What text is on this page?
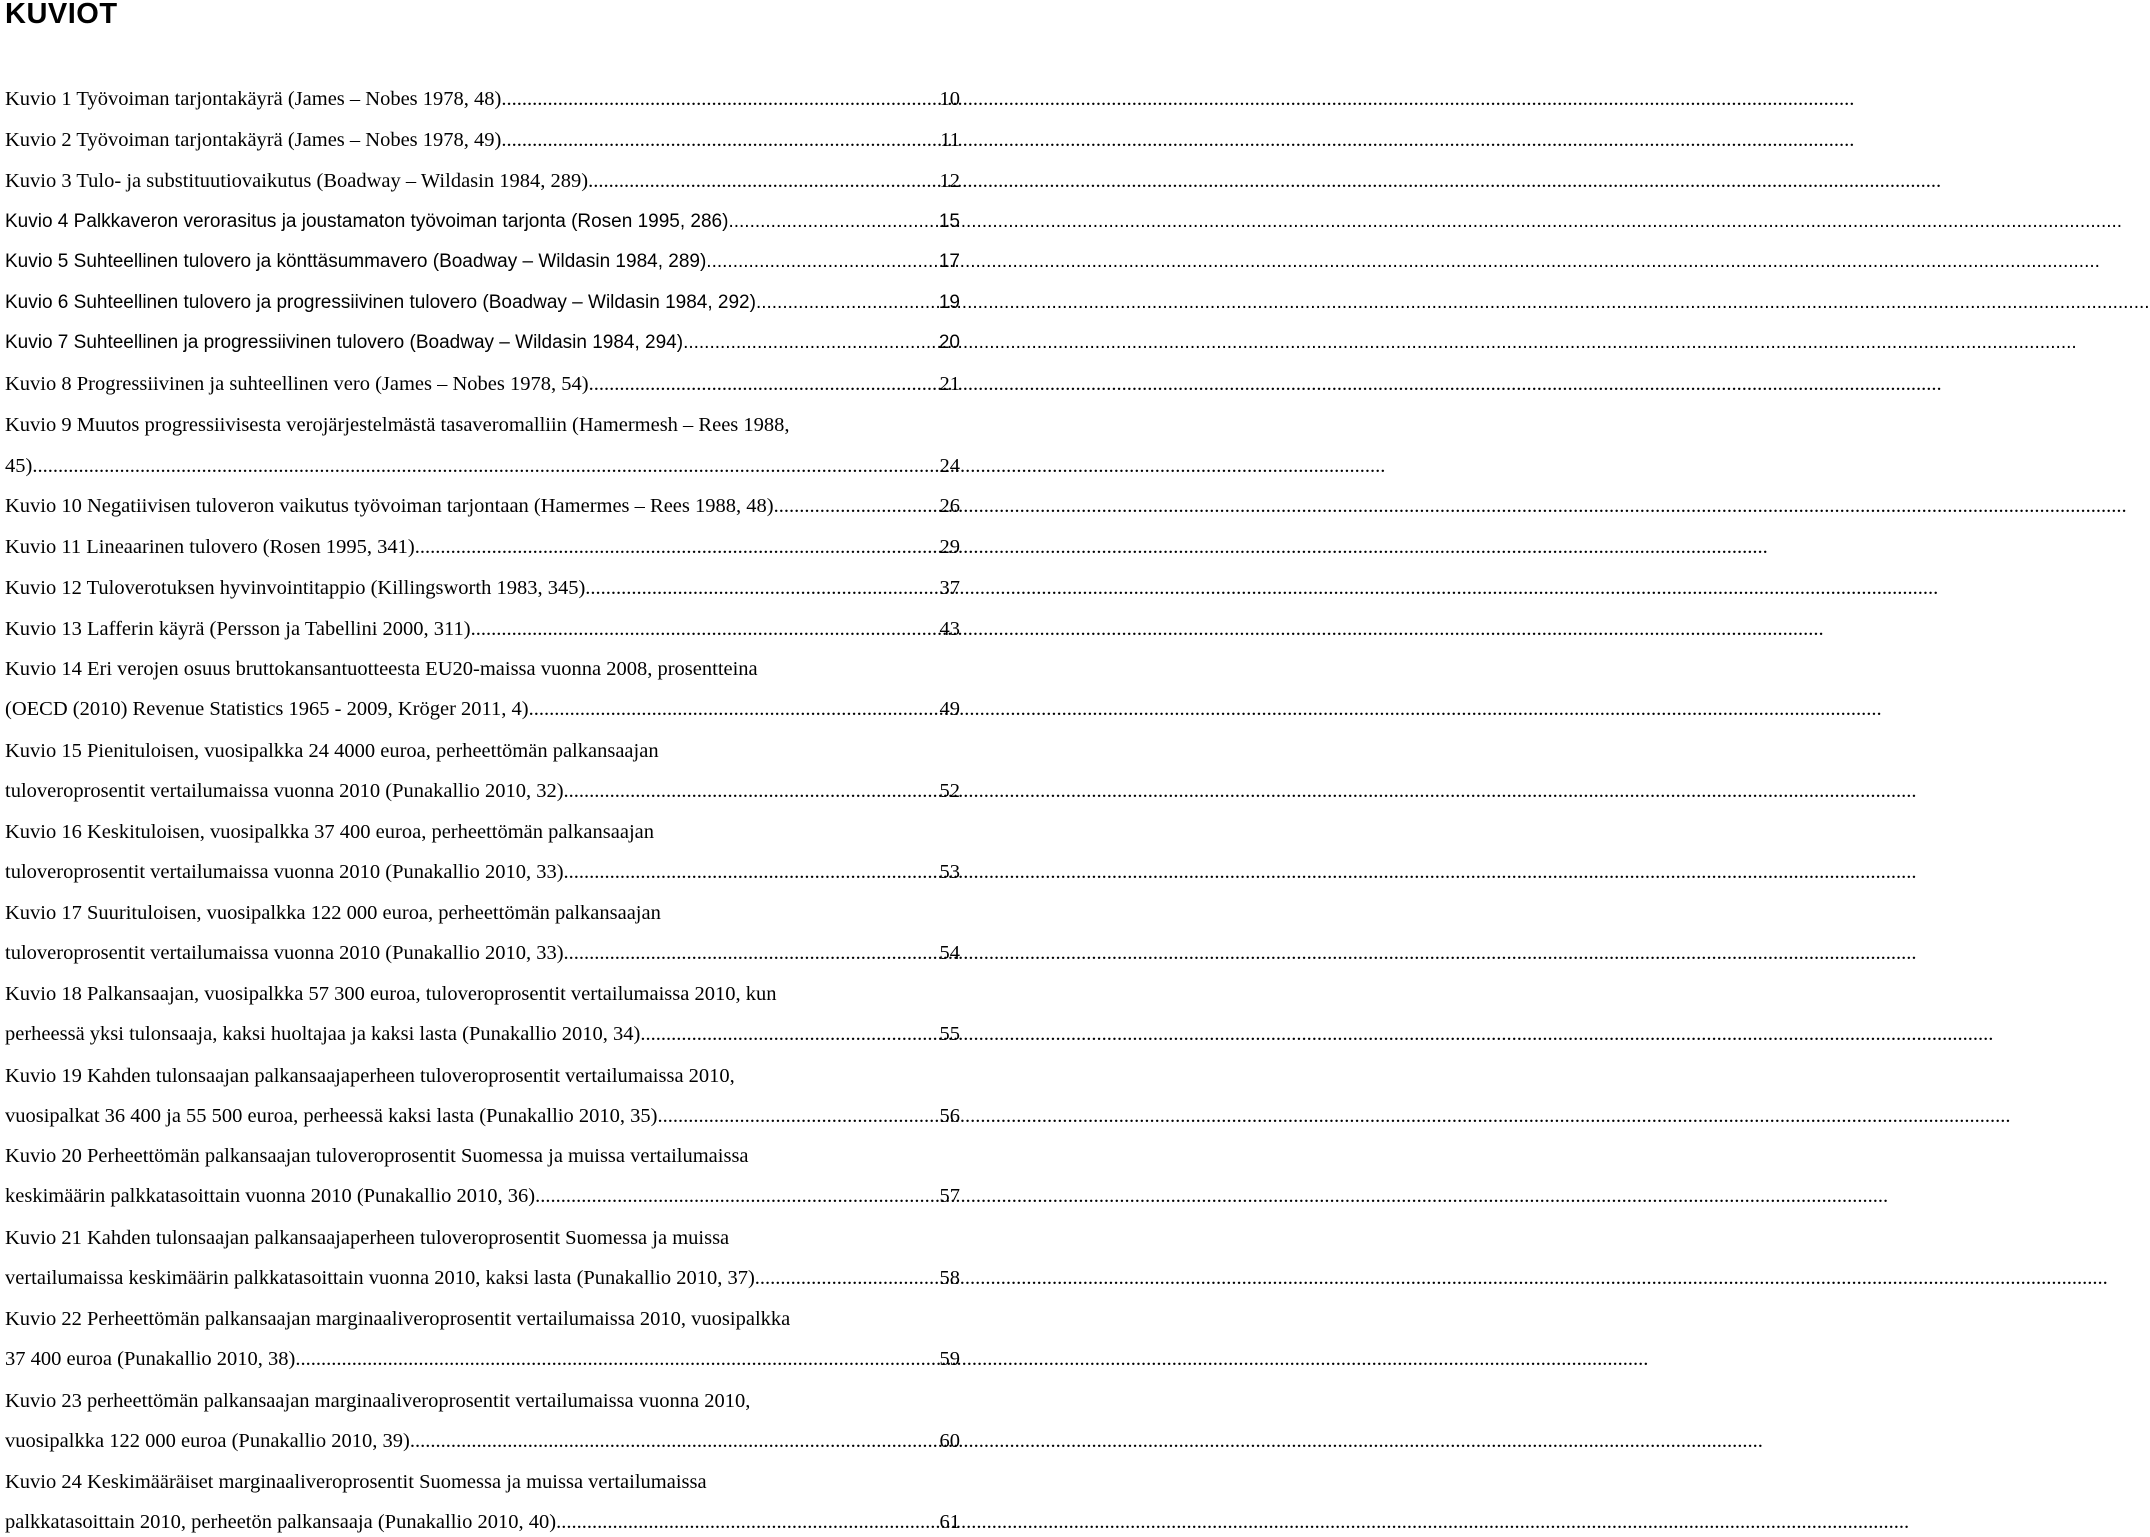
KUVIOT
Kuvio 1 Työvoiman tarjontakäyrä (James – Nobes 1978, 48) .....	10
Kuvio 2 Työvoiman tarjontakäyrä (James – Nobes 1978, 49) .....	11
Kuvio 3 Tulo- ja substituutiovaikutus (Boadway – Wildasin 1984, 289) .....	12
Kuvio 4 Palkkaveron verorasitus ja joustamaton työvoiman tarjonta (Rosen 1995, 286) .....	15
Kuvio 5 Suhteellinen tulovero ja könttäsummavero (Boadway – Wildasin 1984, 289) .....	17
Kuvio 6 Suhteellinen tulovero ja progressiivinen tulovero (Boadway – Wildasin 1984, 292) .....	19
Kuvio 7 Suhteellinen ja progressiivinen tulovero (Boadway – Wildasin 1984, 294) .....	20
Kuvio 8 Progressiivinen ja suhteellinen vero (James – Nobes 1978, 54) .....	21
Kuvio 9 Muutos progressiivisesta verojärjestelmästä tasaveromalliin (Hamermesh – Rees 1988,
45) .....	24
Kuvio 10 Negatiivisen tuloveron vaikutus työvoiman tarjontaan (Hamermes – Rees 1988, 48) .....	26
Kuvio 11 Lineaarinen tulovero (Rosen 1995, 341) .....	29
Kuvio 12 Tuloverotuksen hyvinvointitappio (Killingsworth 1983, 345) .....	37
Kuvio 13 Lafferin käyrä (Persson ja Tabellini 2000, 311) .....	43
Kuvio 14 Eri verojen osuus bruttokansantuotteesta EU20-maissa vuonna 2008, prosentteina
(OECD (2010) Revenue Statistics 1965 - 2009, Kröger 2011, 4) .....	49
Kuvio 15 Pienituloisen, vuosipalkka 24 4000 euroa, perheettömän palkansaajan
tuloveroprosentit vertailumaissa vuonna 2010 (Punakallio 2010, 32) .....	52
Kuvio 16 Keskituloisen, vuosipalkka 37 400 euroa, perheettömän palkansaajan
tuloveroprosentit vertailumaissa vuonna 2010 (Punakallio 2010, 33) .....	53
Kuvio 17 Suurituloisen, vuosipalkka 122 000 euroa, perheettömän palkansaajan
tuloveroprosentit vertailumaissa vuonna 2010 (Punakallio 2010, 33) .....	54
Kuvio 18 Palkansaajan, vuosipalkka 57 300 euroa, tuloveroprosentit vertailumaissa 2010, kun
perheessä yksi tulonsaaja, kaksi huoltajaa ja kaksi lasta (Punakallio 2010, 34) .....	55
Kuvio 19 Kahden tulonsaajan palkansaajaperheen tuloveroprosentit vertailumaissa 2010,
vuosipalkat 36 400 ja 55 500 euroa, perheessä kaksi lasta (Punakallio 2010, 35) .....	56
Kuvio 20 Perheettömän palkansaajan tuloveroprosentit Suomessa ja muissa vertailumaissa
keskimäärin palkkatasoittain vuonna 2010 (Punakallio 2010, 36) .....	57
Kuvio 21 Kahden tulonsaajan palkansaajaperheen tuloveroprosentit Suomessa ja muissa
vertailumaissa keskimäärin palkkatasoittain vuonna 2010, kaksi lasta (Punakallio 2010, 37) .....	58
Kuvio 22 Perheettömän palkansaajan marginaaliveroprosentit vertailumaissa 2010, vuosipalkka
37 400 euroa (Punakallio 2010, 38) .....	59
Kuvio 23 perheettömän palkansaajan marginaaliveroprosentit vertailumaissa vuonna 2010,
vuosipalkka 122 000 euroa (Punakallio 2010, 39) .....	60
Kuvio 24 Keskimääräiset marginaaliveroprosentit Suomessa ja muissa vertailumaissa
palkkatasoittain 2010, perheetön palkansaaja (Punakallio 2010, 40) .....	61
